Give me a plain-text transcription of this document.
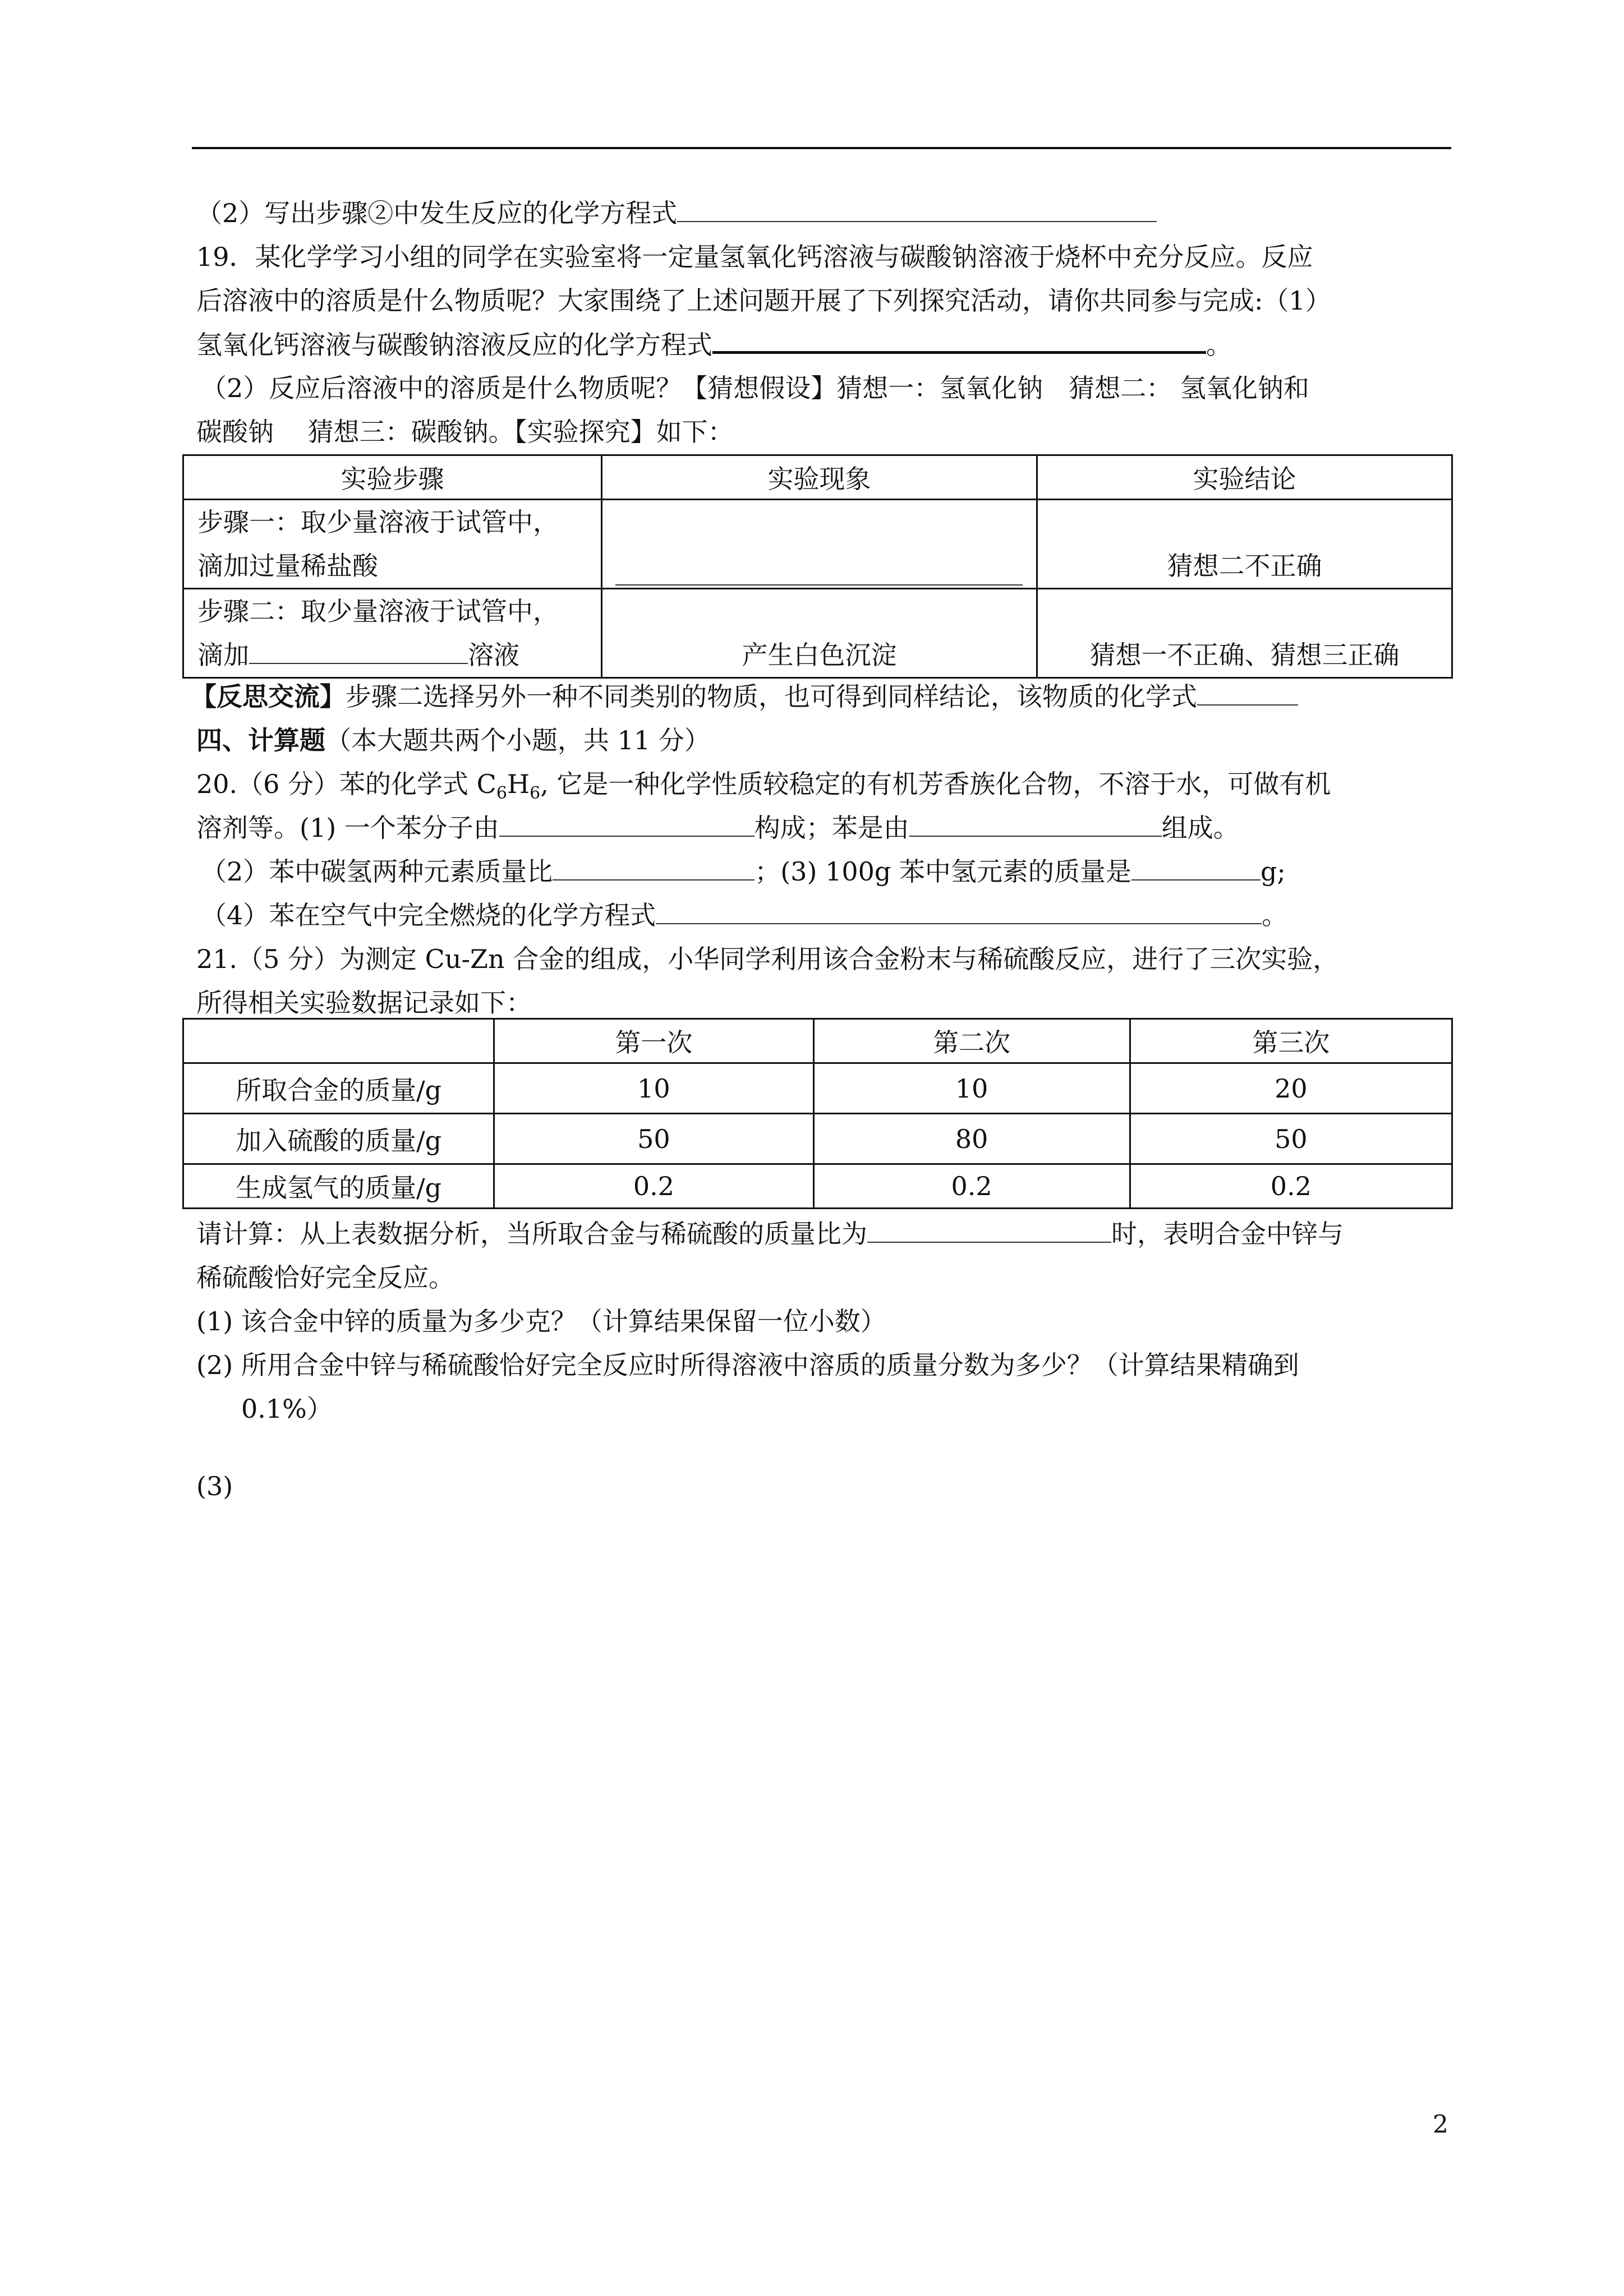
（2）写出步骤②中发生反应的化学方程式
19．某化学学习小组的同学在实验室将一定量氢氧化钙溶液与碳酸钠溶液于烧杯中充分反应。反应
后溶液中的溶质是什么物质呢？大家围绕了上述问题开展了下列探究活动，请你共同参与完成:（1）
氢氧化钙溶液与碳酸钠溶液反应的化学方程式	。
（2）反应后溶液中的溶质是什么物质呢？【猜想假设】猜想一：氢氧化钠　猜想二： 氢氧化钠和
碳酸钠　 猜想三：碳酸钠。【实验探究】如下：
实验步骤	实验现象	实验结论

步骤一：取少量溶液于试管中，
滴加过量稀盐酸		猜想二不正确

步骤二：取少量溶液于试管中，
滴加 溶液	产生白色沉淀	猜想一不正确、猜想三正确
【反思交流】步骤二选择另外一种不同类别的物质，也可得到同样结论，该物质的化学式
四、计算题（本大题共两个小题，共 11 分）
20.（6 分）苯的化学式 $C_6H_6$, 它是一种化学性质较稳定的有机芳香族化合物，不溶于水，可做有机
溶剂等。(1) 一个苯分子由	构成；苯是由	组成。
（2）苯中碳氢两种元素质量比	；(3) 100g 苯中氢元素的质量是	g;
（4）苯在空气中完全燃烧的化学方程式	。
21.（5 分）为测定 Cu-Zn 合金的组成，小华同学利用该合金粉末与稀硫酸反应，进行了三次实验，
所得相关实验数据记录如下：
	第一次	第二次	第三次
所取合金的质量/g	10	10	20
加入硫酸的质量/g	50	80	50
生成氢气的质量/g	0.2	0.2	0.2
请计算：从上表数据分析，当所取合金与稀硫酸的质量比为	时，表明合金中锌与
稀硫酸恰好完全反应。
(1) 该合金中锌的质量为多少克？（计算结果保留一位小数）
(2) 所用合金中锌与稀硫酸恰好完全反应时所得溶液中溶质的质量分数为多少？（计算结果精确到
0.1%）
(3)
2
